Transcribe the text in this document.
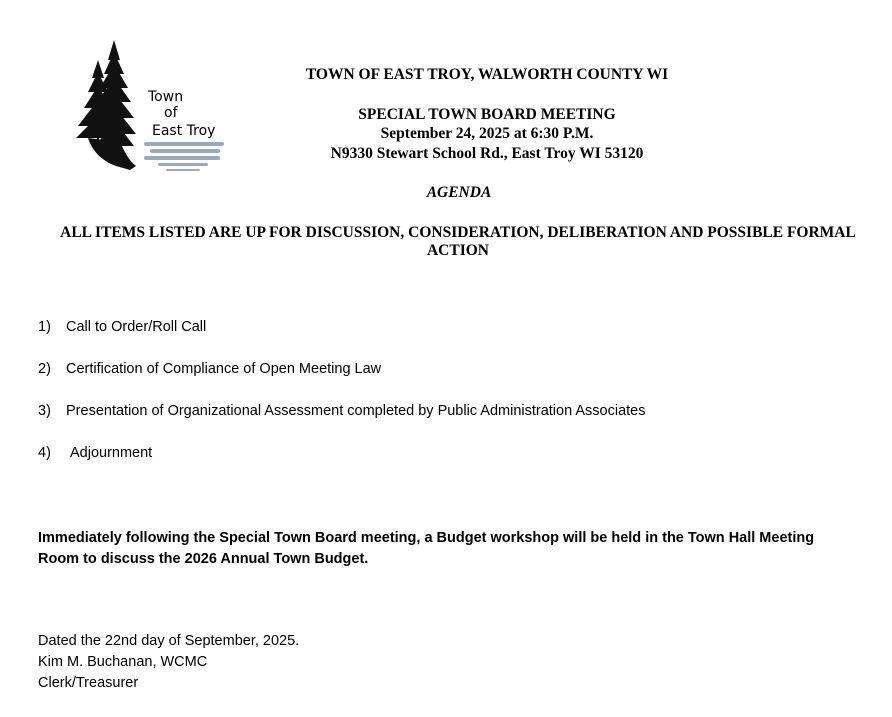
Town
of
East Troy
TOWN OF EAST TROY, WALWORTH COUNTY WI
SPECIAL TOWN BOARD MEETING
September 24, 2025 at 6:30 P.M.
N9330 Stewart School Rd., East Troy WI 53120
AGENDA
ALL ITEMS LISTED ARE UP FOR DISCUSSION, CONSIDERATION, DELIBERATION AND POSSIBLE FORMAL ACTION
1) Call to Order/Roll Call
2) Certification of Compliance of Open Meeting Law
3) Presentation of Organizational Assessment completed by Public Administration Associates
4) Adjournment
Immediately following the Special Town Board meeting, a Budget workshop will be held in the Town Hall Meeting Room to discuss the 2026 Annual Town Budget.
Dated the 22nd day of September, 2025.
Kim M. Buchanan, WCMC
Clerk/Treasurer
